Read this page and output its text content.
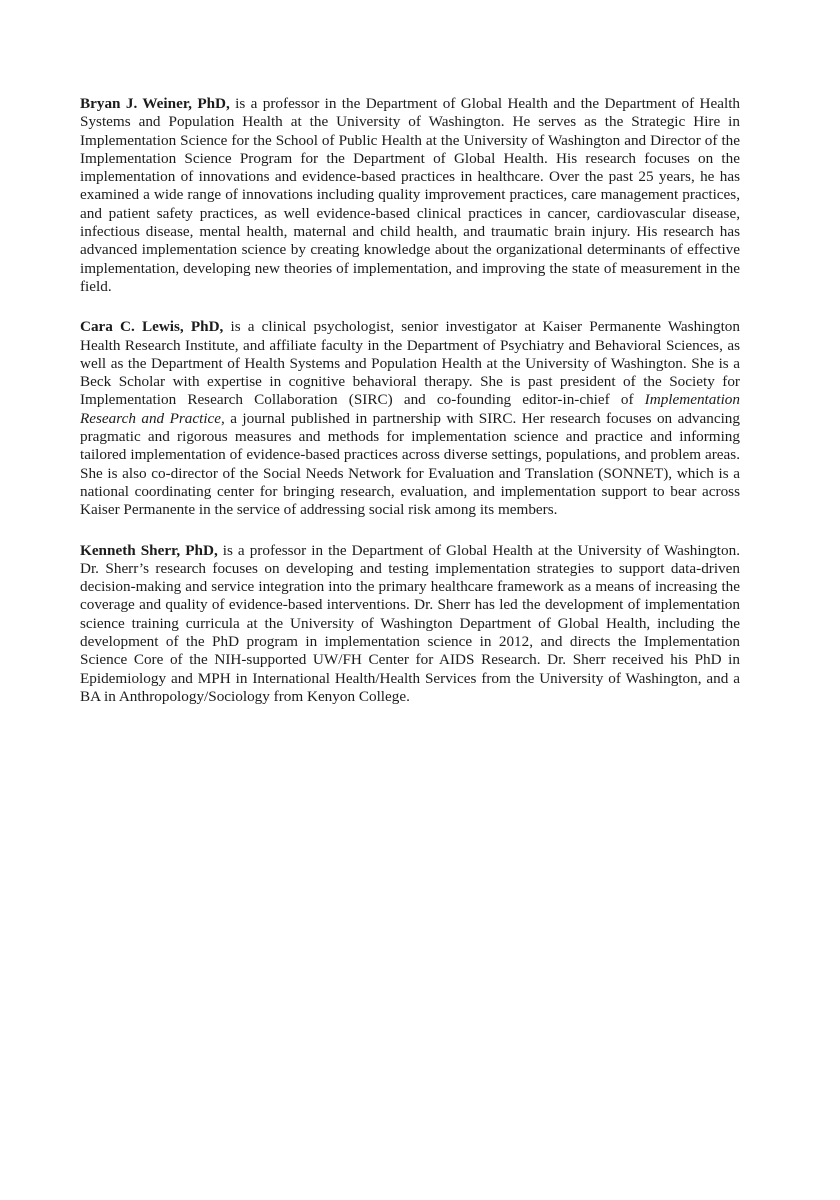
Bryan J. Weiner, PhD, is a professor in the Department of Global Health and the Department of Health Systems and Population Health at the University of Washington. He serves as the Strategic Hire in Implementation Science for the School of Public Health at the University of Washington and Director of the Implementation Science Program for the Department of Global Health. His research focuses on the implementation of innovations and evidence-based practices in healthcare. Over the past 25 years, he has examined a wide range of innovations including quality improvement practices, care management practices, and patient safety practices, as well evidence-based clinical practices in cancer, cardiovascular disease, infectious disease, mental health, maternal and child health, and traumatic brain injury. His research has advanced implementation science by creating knowledge about the organizational determinants of effective implementation, developing new theories of implementation, and improving the state of measurement in the field.

Cara C. Lewis, PhD, is a clinical psychologist, senior investigator at Kaiser Permanente Washington Health Research Institute, and affiliate faculty in the Department of Psychiatry and Behavioral Sciences, as well as the Department of Health Systems and Population Health at the University of Washington. She is a Beck Scholar with expertise in cognitive behavioral therapy. She is past president of the Society for Implementation Research Collaboration (SIRC) and co-founding editor-in-chief of Implementation Research and Practice, a journal published in partnership with SIRC. Her research focuses on advancing pragmatic and rigorous measures and methods for implementation science and practice and informing tailored implementation of evidence-based practices across diverse settings, populations, and problem areas. She is also co-director of the Social Needs Network for Evaluation and Translation (SONNET), which is a national coordinating center for bringing research, evaluation, and implementation support to bear across Kaiser Permanente in the service of addressing social risk among its members.

Kenneth Sherr, PhD, is a professor in the Department of Global Health at the University of Washington. Dr. Sherr’s research focuses on developing and testing implementation strategies to support data-driven decision-making and service integration into the primary healthcare framework as a means of increasing the coverage and quality of evidence-based interventions. Dr. Sherr has led the development of implementation science training curricula at the University of Washington Department of Global Health, including the development of the PhD program in implementation science in 2012, and directs the Implementation Science Core of the NIH-supported UW/FH Center for AIDS Research. Dr. Sherr received his PhD in Epidemiology and MPH in International Health/Health Services from the University of Washington, and a BA in Anthropology/Sociology from Kenyon College.
